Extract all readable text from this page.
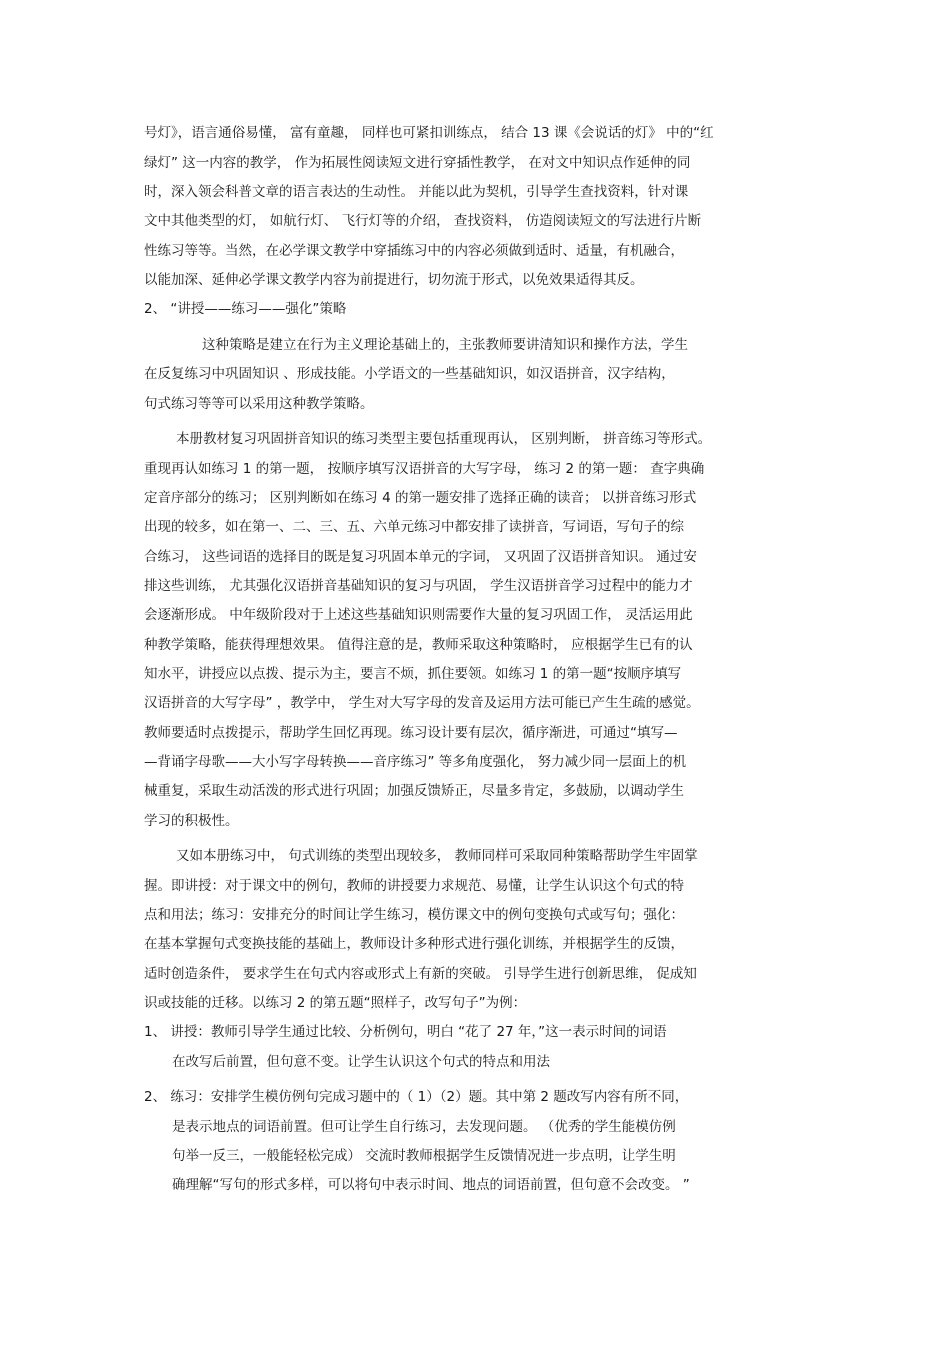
号灯》，语言通俗易懂， 富有童趣， 同样也可紧扣训练点， 结合 13 课《会说话的灯》 中的“红
绿灯” 这一内容的教学， 作为拓展性阅读短文进行穿插性教学， 在对文中知识点作延伸的同
时，深入领会科普文章的语言表达的生动性。 并能以此为契机，引导学生查找资料，针对课
文中其他类型的灯， 如航行灯、 飞行灯等的介绍， 查找资料， 仿造阅读短文的写法进行片断
性练习等等。当然，在必学课文教学中穿插练习中的内容必须做到适时、适量，有机融合，
以能加深、延伸必学课文教学内容为前提进行，切勿流于形式，以免效果适得其反。
2、 “讲授——练习——强化”策略
这种策略是建立在行为主义理论基础上的，主张教师要讲清知识和操作方法，学生
在反复练习中巩固知识 、形成技能。小学语文的一些基础知识，如汉语拼音，汉字结构，
句式练习等等可以采用这种教学策略。
本册教材复习巩固拼音知识的练习类型主要包括重现再认， 区别判断， 拼音练习等形式。
重现再认如练习 1 的第一题， 按顺序填写汉语拼音的大写字母， 练习 2 的第一题： 查字典确
定音序部分的练习； 区别判断如在练习 4 的第一题安排了选择正确的读音； 以拼音练习形式
出现的较多，如在第一、二、三、五、六单元练习中都安排了读拼音，写词语，写句子的综
合练习， 这些词语的选择目的既是复习巩固本单元的字词， 又巩固了汉语拼音知识。 通过安
排这些训练， 尤其强化汉语拼音基础知识的复习与巩固， 学生汉语拼音学习过程中的能力才
会逐渐形成。 中年级阶段对于上述这些基础知识则需要作大量的复习巩固工作， 灵活运用此
种教学策略，能获得理想效果。 值得注意的是，教师采取这种策略时， 应根据学生已有的认
知水平，讲授应以点拨、提示为主，要言不烦，抓住要领。如练习 1 的第一题“按顺序填写
汉语拼音的大写字母” ，教学中， 学生对大写字母的发音及运用方法可能已产生生疏的感觉。
教师要适时点拨提示，帮助学生回忆再现。练习设计要有层次，循序渐进，可通过“填写—
—背诵字母歌——大小写字母转换——音序练习” 等多角度强化， 努力减少同一层面上的机
械重复，采取生动活泼的形式进行巩固；加强反馈矫正，尽量多肯定，多鼓励，以调动学生
学习的积极性。
又如本册练习中， 句式训练的类型出现较多， 教师同样可采取同种策略帮助学生牢固掌
握。即讲授：对于课文中的例句，教师的讲授要力求规范、易懂，让学生认识这个句式的特
点和用法；练习：安排充分的时间让学生练习，模仿课文中的例句变换句式或写句；强化：
在基本掌握句式变换技能的基础上，教师设计多种形式进行强化训练，并根据学生的反馈，
适时创造条件， 要求学生在句式内容或形式上有新的突破。 引导学生进行创新思维， 促成知
识或技能的迁移。以练习 2 的第五题“照样子，改写句子”为例：
1、 讲授：教师引导学生通过比较、分析例句，明白 “花了 27 年，”这一表示时间的词语
在改写后前置，但句意不变。让学生认识这个句式的特点和用法
2、 练习：安排学生模仿例句完成习题中的（ 1）（2）题。其中第 2 题改写内容有所不同，
是表示地点的词语前置。但可让学生自行练习，去发现问题。 （优秀的学生能模仿例
句举一反三，一般能轻松完成） 交流时教师根据学生反馈情况进一步点明，让学生明
确理解“写句的形式多样，可以将句中表示时间、地点的词语前置，但句意不会改变。 ”
